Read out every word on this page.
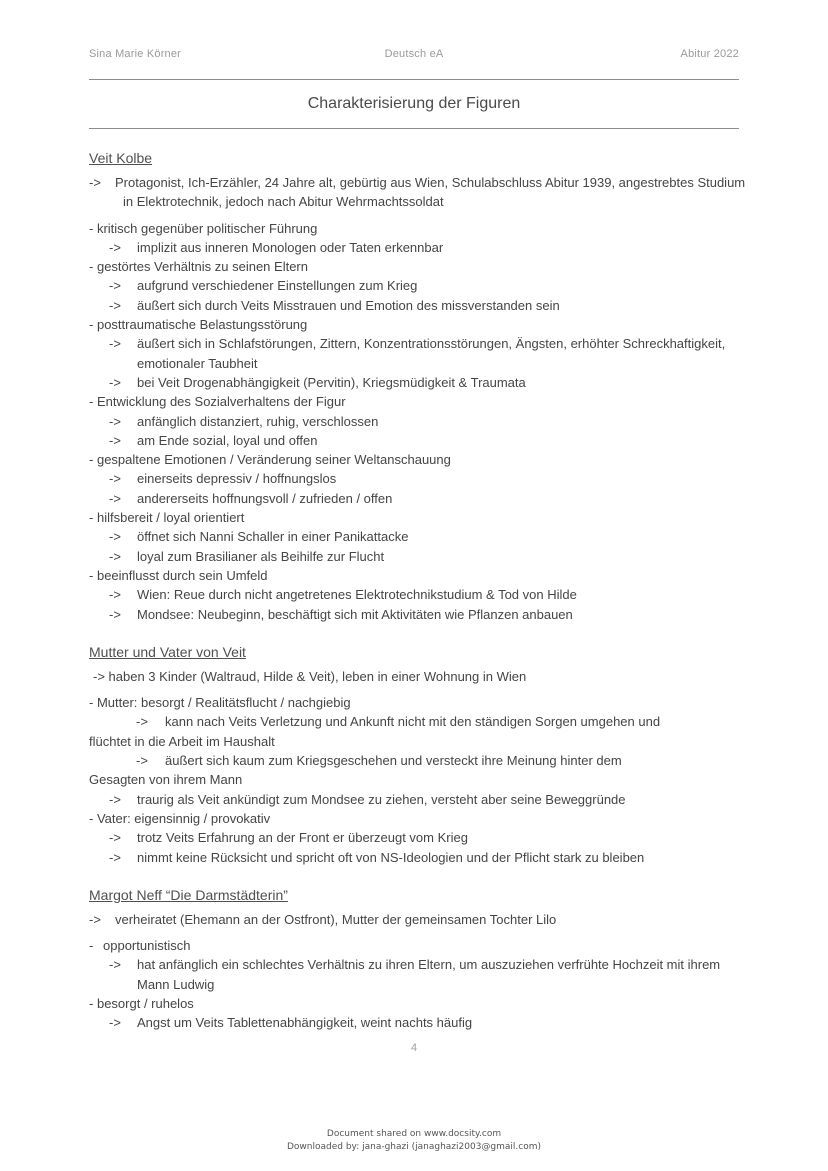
Sina Marie Körner	Deutsch eA	Abitur 2022
Charakterisierung der Figuren
Veit Kolbe
-> Protagonist, Ich-Erzähler, 24 Jahre alt, gebürtig aus Wien, Schulabschluss Abitur 1939, angestrebtes Studium in Elektrotechnik, jedoch nach Abitur Wehrmachtssoldat
- kritisch gegenüber politischer Führung
-> implizit aus inneren Monologen oder Taten erkennbar
- gestörtes Verhältnis zu seinen Eltern
-> aufgrund verschiedener Einstellungen zum Krieg
-> äußert sich durch Veits Misstrauen und Emotion des missverstanden sein
- posttraumatische Belastungsstörung
-> äußert sich in Schlafstörungen, Zittern, Konzentrationsstörungen, Ängsten, erhöhter Schreckhaftigkeit, emotionaler Taubheit
-> bei Veit Drogenabhängigkeit (Pervitin), Kriegsmüdigkeit & Traumata
- Entwicklung des Sozialverhaltens der Figur
-> anfänglich distanziert, ruhig, verschlossen
-> am Ende sozial, loyal und offen
- gespaltene Emotionen / Veränderung seiner Weltanschauung
-> einerseits depressiv / hoffnungslos
-> andererseits hoffnungsvoll / zufrieden / offen
- hilfsbereit / loyal orientiert
-> öffnet sich Nanni Schaller in einer Panikattacke
-> loyal zum Brasilianer als Beihilfe zur Flucht
- beeinflusst durch sein Umfeld
-> Wien: Reue durch nicht angetretenes Elektrotechnikstudium & Tod von Hilde
-> Mondsee: Neubeginn, beschäftigt sich mit Aktivitäten wie Pflanzen anbauen
Mutter und Vater von Veit
-> haben 3 Kinder (Waltraud, Hilde & Veit), leben in einer Wohnung in Wien
- Mutter: besorgt / Realitätsflucht / nachgiebig
-> kann nach Veits Verletzung und Ankunft nicht mit den ständigen Sorgen umgehen und
flüchtet in die Arbeit im Haushalt
-> äußert sich kaum zum Kriegsgeschehen und versteckt ihre Meinung hinter dem
Gesagten von ihrem Mann
-> traurig als Veit ankündigt zum Mondsee zu ziehen, versteht aber seine Beweggründe
- Vater: eigensinnig / provokativ
-> trotz Veits Erfahrung an der Front er überzeugt vom Krieg
-> nimmt keine Rücksicht und spricht oft von NS-Ideologien und der Pflicht stark zu bleiben
Margot Neff “Die Darmstädterin”
-> verheiratet (Ehemann an der Ostfront), Mutter der gemeinsamen Tochter Lilo
- opportunistisch
-> hat anfänglich ein schlechtes Verhältnis zu ihren Eltern, um auszuziehen verfrühte Hochzeit mit ihrem Mann Ludwig
- besorgt / ruhelos
-> Angst um Veits Tablettenabhängigkeit, weint nachts häufig
4
Document shared on www.docsity.com
Downloaded by: jana-ghazi (janaghazi2003@gmail.com)
